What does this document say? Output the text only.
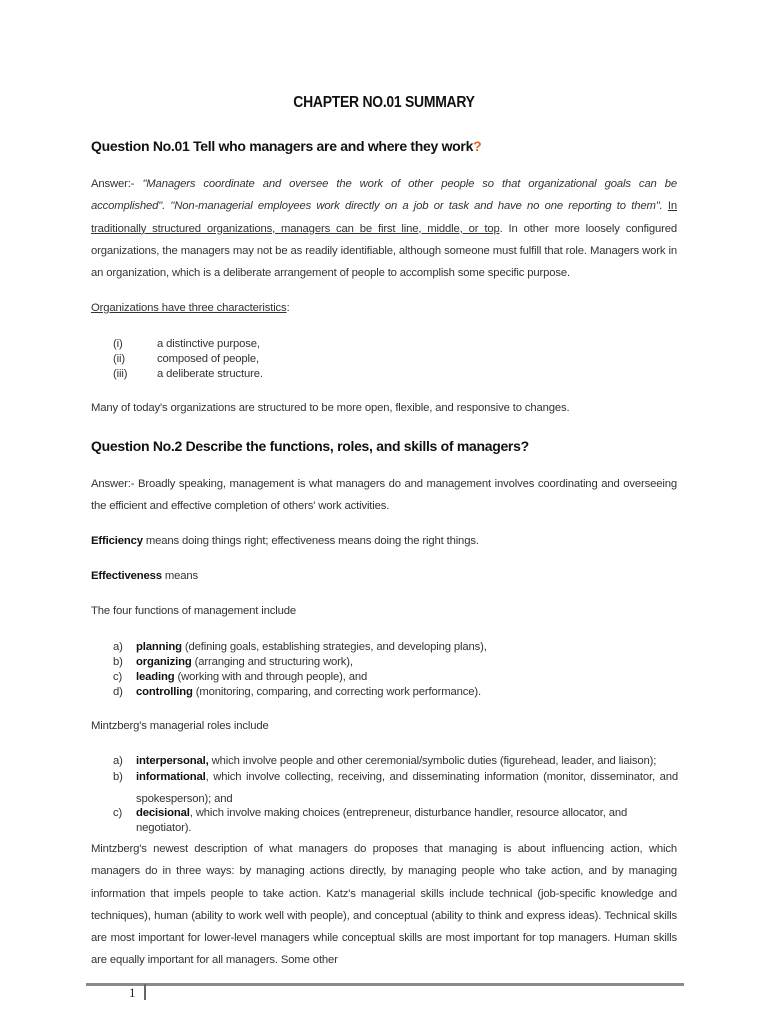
CHAPTER NO.01 SUMMARY
Question No.01 Tell who managers are and where they work?
Answer:- "Managers coordinate and oversee the work of other people so that organizational goals can be accomplished". "Non-managerial employees work directly on a job or task and have no one reporting to them". In traditionally structured organizations, managers can be first line, middle, or top. In other more loosely configured organizations, the managers may not be as readily identifiable, although someone must fulfill that role. Managers work in an organization, which is a deliberate arrangement of people to accomplish some specific purpose.
Organizations have three characteristics:
(i)	a distinctive purpose,
(ii)	composed of people,
(iii)	a deliberate structure.
Many of today's organizations are structured to be more open, flexible, and responsive to changes.
Question No.2 Describe the functions, roles, and skills of managers?
Answer:- Broadly speaking, management is what managers do and management involves coordinating and overseeing the efficient and effective completion of others' work activities.
Efficiency means doing things right; effectiveness means doing the right things.
Effectiveness means
The four functions of management include
a) planning (defining goals, establishing strategies, and developing plans),
b) organizing (arranging and structuring work),
c) leading (working with and through people), and
d) controlling (monitoring, comparing, and correcting work performance).
Mintzberg's managerial roles include
a) interpersonal, which involve people and other ceremonial/symbolic duties (figurehead, leader, and liaison);
b) informational, which involve collecting, receiving, and disseminating information (monitor, disseminator, and spokesperson); and
c) decisional, which involve making choices (entrepreneur, disturbance handler, resource allocator, and negotiator).
Mintzberg's newest description of what managers do proposes that managing is about influencing action, which managers do in three ways: by managing actions directly, by managing people who take action, and by managing information that impels people to take action. Katz's managerial skills include technical (job-specific knowledge and techniques), human (ability to work well with people), and conceptual (ability to think and express ideas). Technical skills are most important for lower-level managers while conceptual skills are most important for top managers. Human skills are equally important for all managers. Some other
1
